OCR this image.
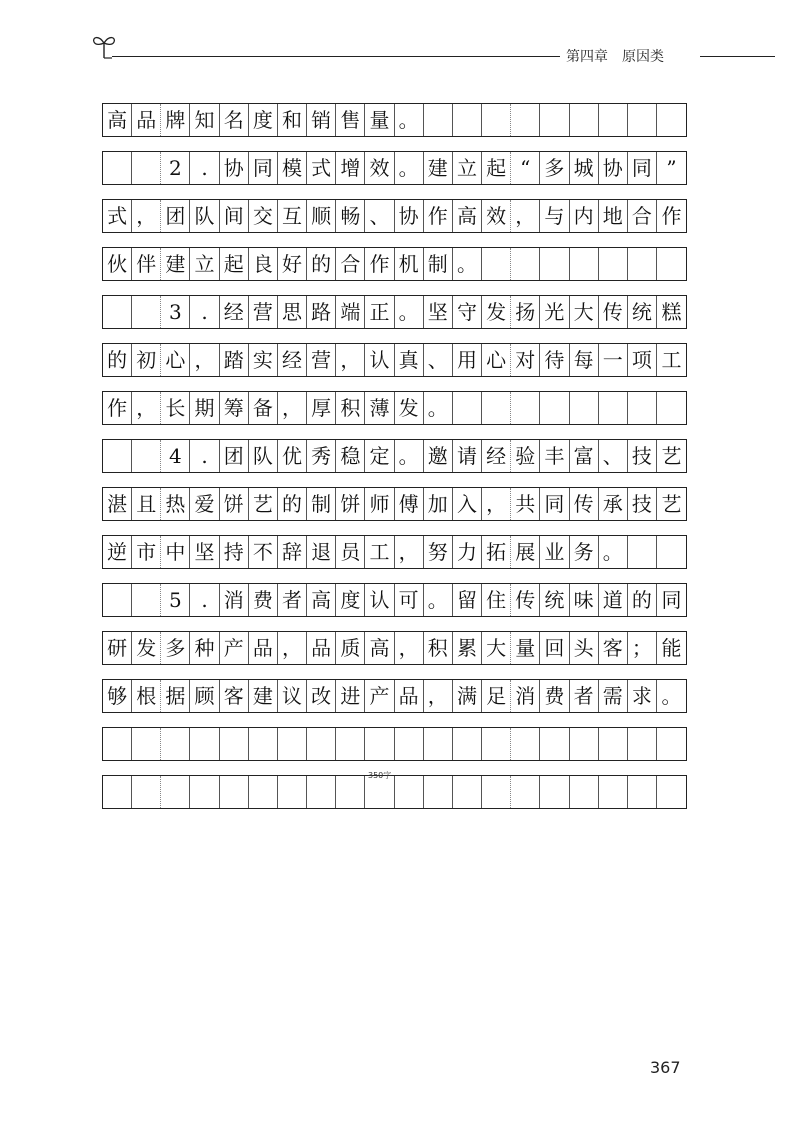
第四章 原因类
高 品 牌 知 名 度 和 销 售 量 。
2 . 协 同 模 式 增 效 。 建 立 起 “ 多 城 协 同 ”
式 ， 团 队 间 交 互 顺 畅 、 协 作 高 效 ， 与 内 地 合 作
伙 伴 建 立 起 良 好 的 合 作 机 制 。
3 . 经 营 思 路 端 正 。 坚 守 发 扬 光 大 传 统 糕
的 初 心 ， 踏 实 经 营 ， 认 真 、 用 心 对 待 每 一 项 工
作 ， 长 期 筹 备 ， 厚 积 薄 发 。
4 . 团 队 优 秀 稳 定 。 邀 请 经 验 丰 富 、 技 艺
湛 且 热 爱 饼 艺 的 制 饼 师 傅 加 入 ， 共 同 传 承 技 艺
逆 市 中 坚 持 不 辞 退 员 工 ， 努 力 拓 展 业 务 。
5 . 消 费 者 高 度 认 可 。 留 住 传 统 味 道 的 同
研 发 多 种 产 品 ， 品 质 高 ， 积 累 大 量 回 头 客 ； 能
够 根 据 顾 客 建 议 改 进 产 品 ， 满 足 消 费 者 需 求 。
350字
367
